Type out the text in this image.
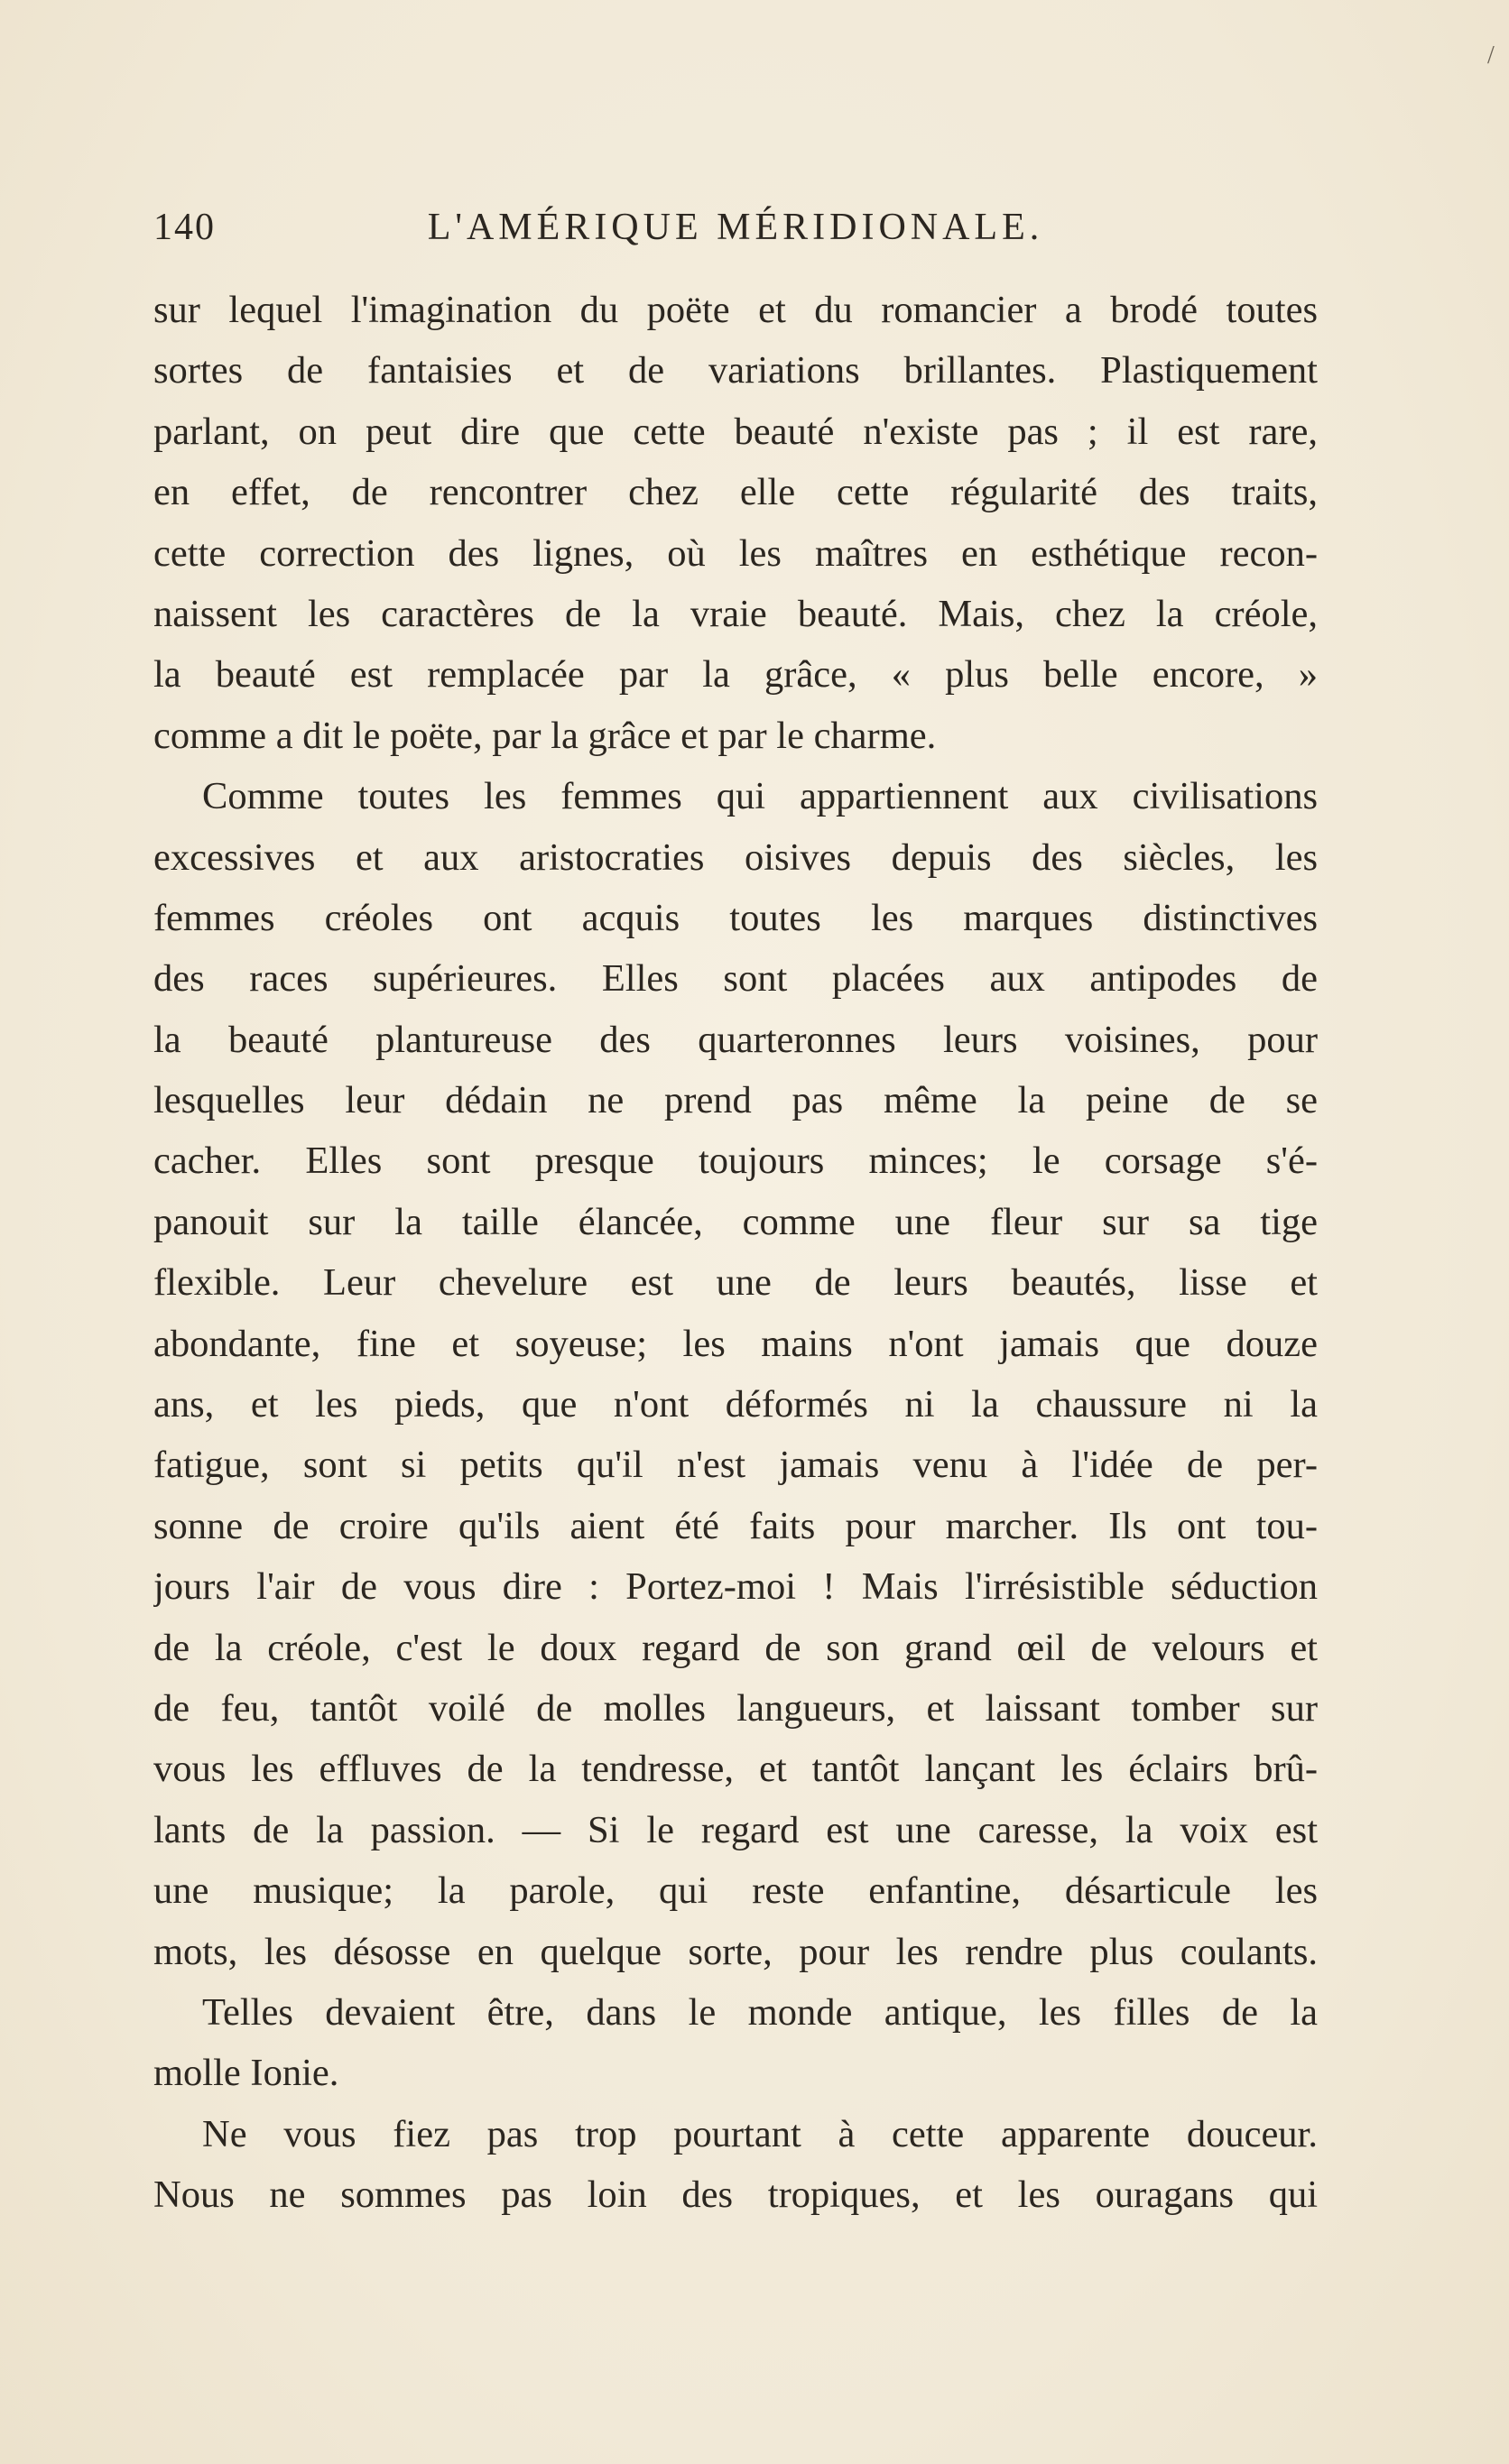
/
140	L'AMÉRIQUE MÉRIDIONALE.
sur lequel l'imagination du poëte et du romancier a brodé toutes
sortes de fantaisies et de variations brillantes. Plastiquement
parlant, on peut dire que cette beauté n'existe pas ; il est rare,
en effet, de rencontrer chez elle cette régularité des traits,
cette correction des lignes, où les maîtres en esthétique recon-
naissent les caractères de la vraie beauté. Mais, chez la créole,
la beauté est remplacée par la grâce, « plus belle encore, »
comme a dit le poëte, par la grâce et par le charme.
Comme toutes les femmes qui appartiennent aux civilisations
excessives et aux aristocraties oisives depuis des siècles, les
femmes créoles ont acquis toutes les marques distinctives
des races supérieures. Elles sont placées aux antipodes de
la beauté plantureuse des quarteronnes leurs voisines, pour
lesquelles leur dédain ne prend pas même la peine de se
cacher. Elles sont presque toujours minces; le corsage s'é-
panouit sur la taille élancée, comme une fleur sur sa tige
flexible. Leur chevelure est une de leurs beautés, lisse et
abondante, fine et soyeuse; les mains n'ont jamais que douze
ans, et les pieds, que n'ont déformés ni la chaussure ni la
fatigue, sont si petits qu'il n'est jamais venu à l'idée de per-
sonne de croire qu'ils aient été faits pour marcher. Ils ont tou-
jours l'air de vous dire : Portez-moi ! Mais l'irrésistible séduction
de la créole, c'est le doux regard de son grand œil de velours et
de feu, tantôt voilé de molles langueurs, et laissant tomber sur
vous les effluves de la tendresse, et tantôt lançant les éclairs brû-
lants de la passion. — Si le regard est une caresse, la voix est
une musique; la parole, qui reste enfantine, désarticule les
mots, les désosse en quelque sorte, pour les rendre plus coulants.
Telles devaient être, dans le monde antique, les filles de la
molle Ionie.
Ne vous fiez pas trop pourtant à cette apparente douceur.
Nous ne sommes pas loin des tropiques, et les ouragans qui
